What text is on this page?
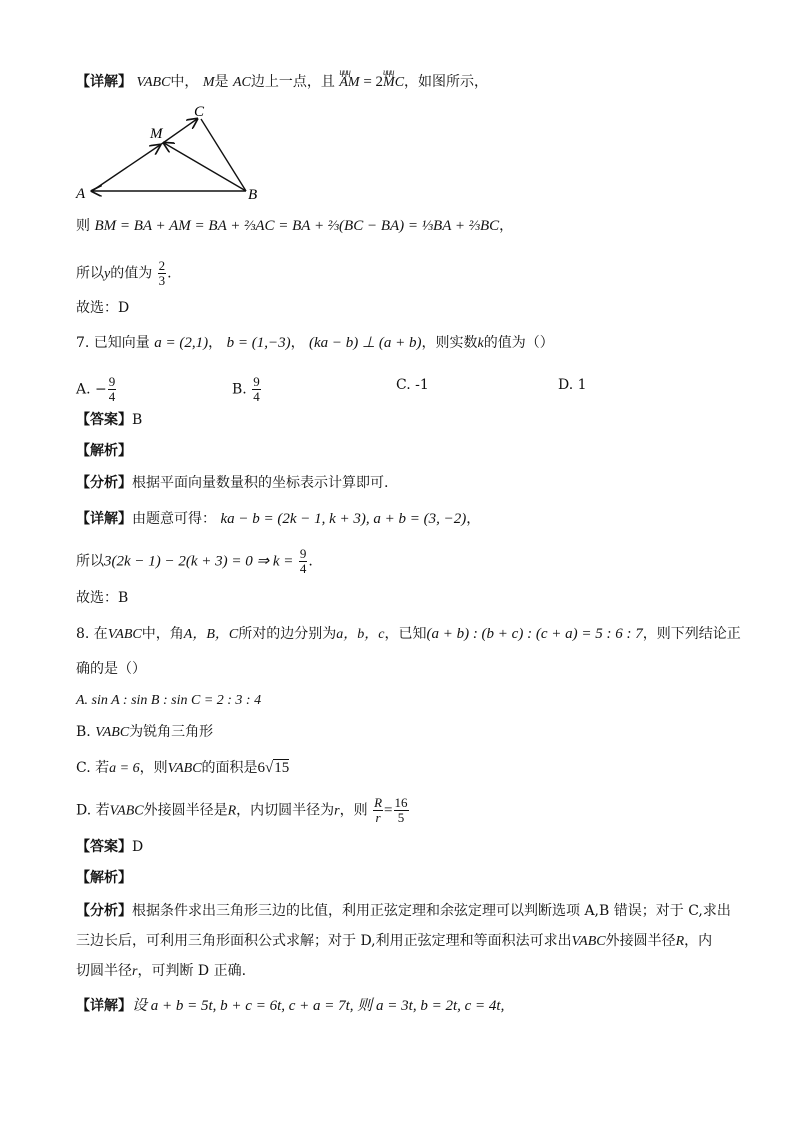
【详解】 VABC中， M是 AC边上一点，且 ɥɥɥ AM = 2ɥɥɥ MC，如图所示，
A	B
C
M
则 BM = BA + AM = BA + ⅔AC = BA + ⅔(BC − BA) = ⅓BA + ⅔BC，
所以y的值为 $\frac{2}{3}$ .
故选：D
7. 已知向量 a = (2,1)， b = (1,−3)， (ka − b) ⊥ (a + b)，则实数k的值为（）
A. − $\frac{9}{4}$	B. $\frac{9}{4}$	C. -1	D. 1
【答案】B
【解析】
【分析】根据平面向量数量积的坐标表示计算即可.
【详解】由题意可得： ka − b = (2k − 1, k + 3), a + b = (3, −2)，
所以3(2k − 1) − 2(k + 3) = 0 ⇒ $k = \frac{9}{4}$ .
故选：B
8. 在VABC中，角A，B，C所对的边分别为a，b，c，已知(a + b) : (b + c) : (c + a) = 5 : 6 : 7，则下列结论正
确的是（）
A. sin A : sin B : sin C = 2 : 3 : 4
B. VABC为锐角三角形
C. 若a = 6，则VABC的面积是6√15
D. 若VABC外接圆半径是R，内切圆半径为r，则 $\frac{R}{r} = \frac{16}{5}$
【答案】D
【解析】
【分析】根据条件求出三角形三边的比值，利用正弦定理和余弦定理可以判断选项 A,B 错误；对于 C,求出
三边长后，可利用三角形面积公式求解；对于 D,利用正弦定理和等面积法可求出VABC外接圆半径R，内
切圆半径r，可判断 D 正确.
【详解】设 a + b = 5t, b + c = 6t, c + a = 7t, 则 a = 3t, b = 2t, c = 4t,
